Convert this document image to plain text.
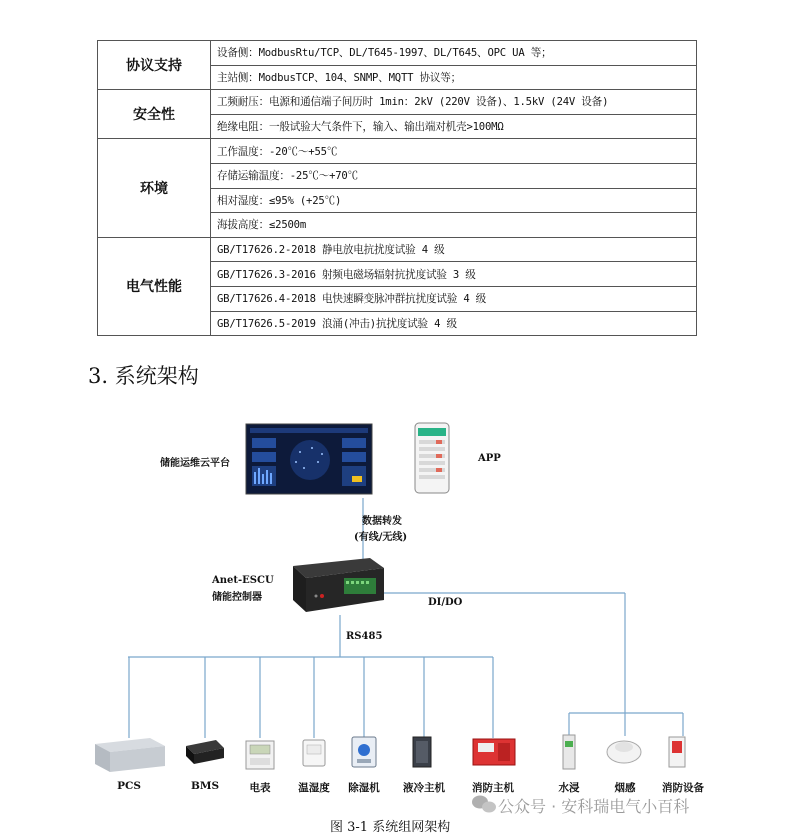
协议支持	设备侧：ModbusRtu/TCP、DL/T645-1997、DL/T645、OPC UA 等；
	主站侧：ModbusTCP、104、SNMP、MQTT 协议等；
安全性	工频耐压：电源和通信端子间历时 1min：2kV (220V 设备)、1.5kV (24V 设备)
	绝缘电阻：一般试验大气条件下，输入、输出端对机壳>100MΩ
环境	工作温度：-20℃～+55℃
	存储运输温度：-25℃～+70℃
	相对湿度：≤95% (+25℃)
	海拔高度：≤2500m
电气性能	GB/T17626.2-2018 静电放电抗扰度试验 4 级
	GB/T17626.3-2016 射频电磁场辐射抗扰度试验 3 级
	GB/T17626.4-2018 电快速瞬变脉冲群抗扰度试验 4 级
	GB/T17626.5-2019 浪涌(冲击)抗扰度试验 4 级
3. 系统架构
储能运维云平台	APP
数据转发
(有线/无线)
Anet-ESCU
储能控制器	DI/DO
RS485
PCS	BMS	电表	温湿度 除湿机 液冷主机	消防主机	水浸	烟感	消防设备
图 3-1 系统组网架构
公众号 · 安科瑞电气小百科
